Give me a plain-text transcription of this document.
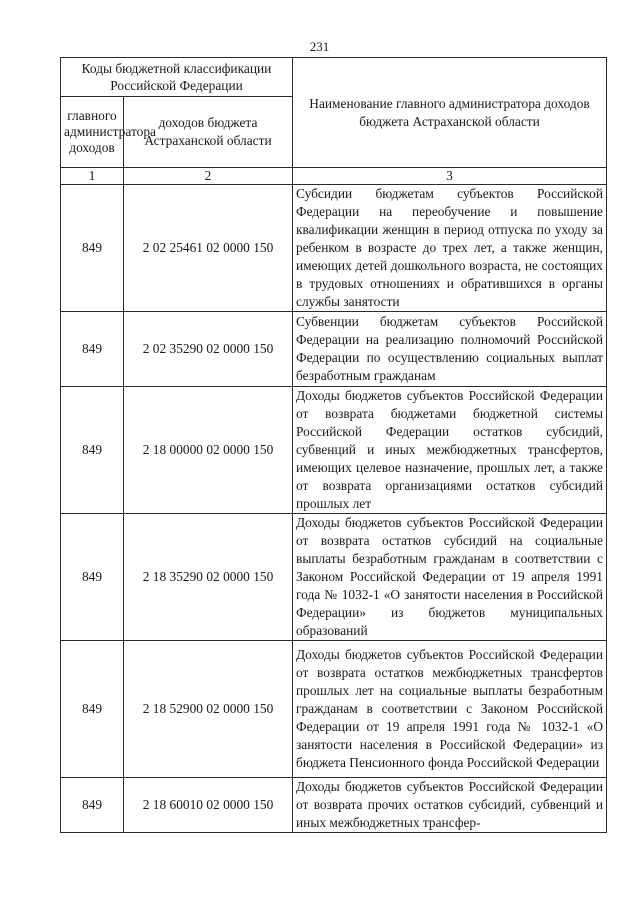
231
Коды бюджетной классификации Российской Федерации		Наименование главного администратора доходов бюджета Астраханской области
главного администратора доходов	доходов бюджета Астраханской области	
1	2	3
849	2 02 25461 02 0000 150	Субсидии бюджетам субъектов Российской Федерации на переобучение и повышение квалификации женщин в период отпуска по уходу за ребенком в возрасте до трех лет, а также женщин, имеющих детей дошкольного возраста, не состоящих в трудовых отношениях и обратившихся в органы службы занятости
849	2 02 35290 02 0000 150	Субвенции бюджетам субъектов Российской Федерации на реализацию полномочий Российской Федерации по осуществлению социальных выплат безработным гражданам
849	2 18 00000 02 0000 150	Доходы бюджетов субъектов Российской Федерации от возврата бюджетами бюджетной системы Российской Федерации остатков субсидий, субвенций и иных межбюджетных трансфертов, имеющих целевое назначение, прошлых лет, а также от возврата организациями остатков субсидий прошлых лет
849	2 18 35290 02 0000 150	Доходы бюджетов субъектов Российской Федерации от возврата остатков субсидий на социальные выплаты безработным гражданам в соответствии с Законом Российской Федерации от 19 апреля 1991 года № 1032-1 «О занятости населения в Российской Федерации» из бюджетов муниципальных образований
849	2 18 52900 02 0000 150	Доходы бюджетов субъектов Российской Федерации от возврата остатков межбюджетных трансфертов прошлых лет на социальные выплаты безработным гражданам в соответствии с Законом Российской Федерации от 19 апреля 1991 года № 1032-1 «О занятости населения в Российской Федерации» из бюджета Пенсионного фонда Российской Федерации
849	2 18 60010 02 0000 150	Доходы бюджетов субъектов Российской Федерации от возврата прочих остатков субсидий, субвенций и иных межбюджетных трансфер-
